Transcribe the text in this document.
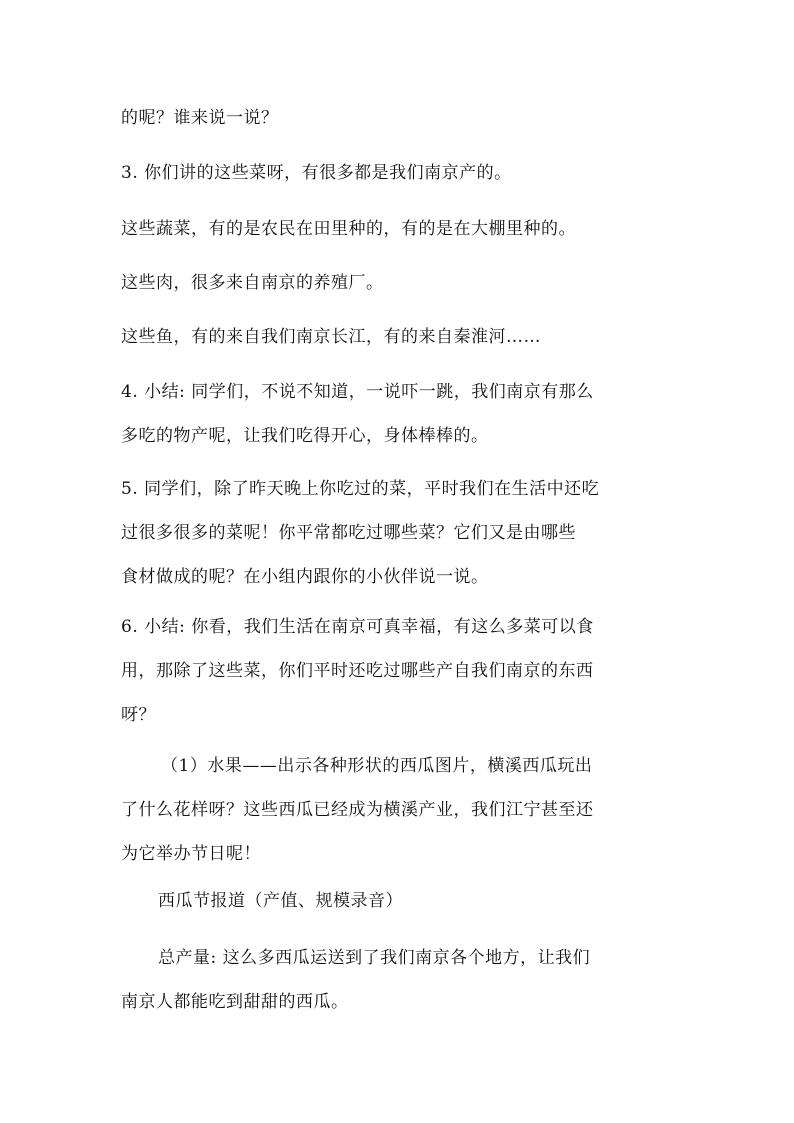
的呢？谁来说一说？

3. 你们讲的这些菜呀，有很多都是我们南京产的。

这些蔬菜，有的是农民在田里种的，有的是在大棚里种的。

这些肉，很多来自南京的养殖厂。

这些鱼，有的来自我们南京长江，有的来自秦淮河……

4. 小结: 同学们，不说不知道，一说吓一跳，我们南京有那么
多吃的物产呢，让我们吃得开心，身体棒棒的。

5. 同学们，除了昨天晚上你吃过的菜，平时我们在生活中还吃
过很多很多的菜呢！你平常都吃过哪些菜？它们又是由哪些
食材做成的呢？在小组内跟你的小伙伴说一说。

6. 小结: 你看，我们生活在南京可真幸福，有这么多菜可以食
用，那除了这些菜，你们平时还吃过哪些产自我们南京的东西
呀？

（1）水果——出示各种形状的西瓜图片，横溪西瓜玩出
了什么花样呀？这些西瓜已经成为横溪产业，我们江宁甚至还
为它举办节日呢！

西瓜节报道（产值、规模录音）

总产量: 这么多西瓜运送到了我们南京各个地方，让我们
南京人都能吃到甜甜的西瓜。
